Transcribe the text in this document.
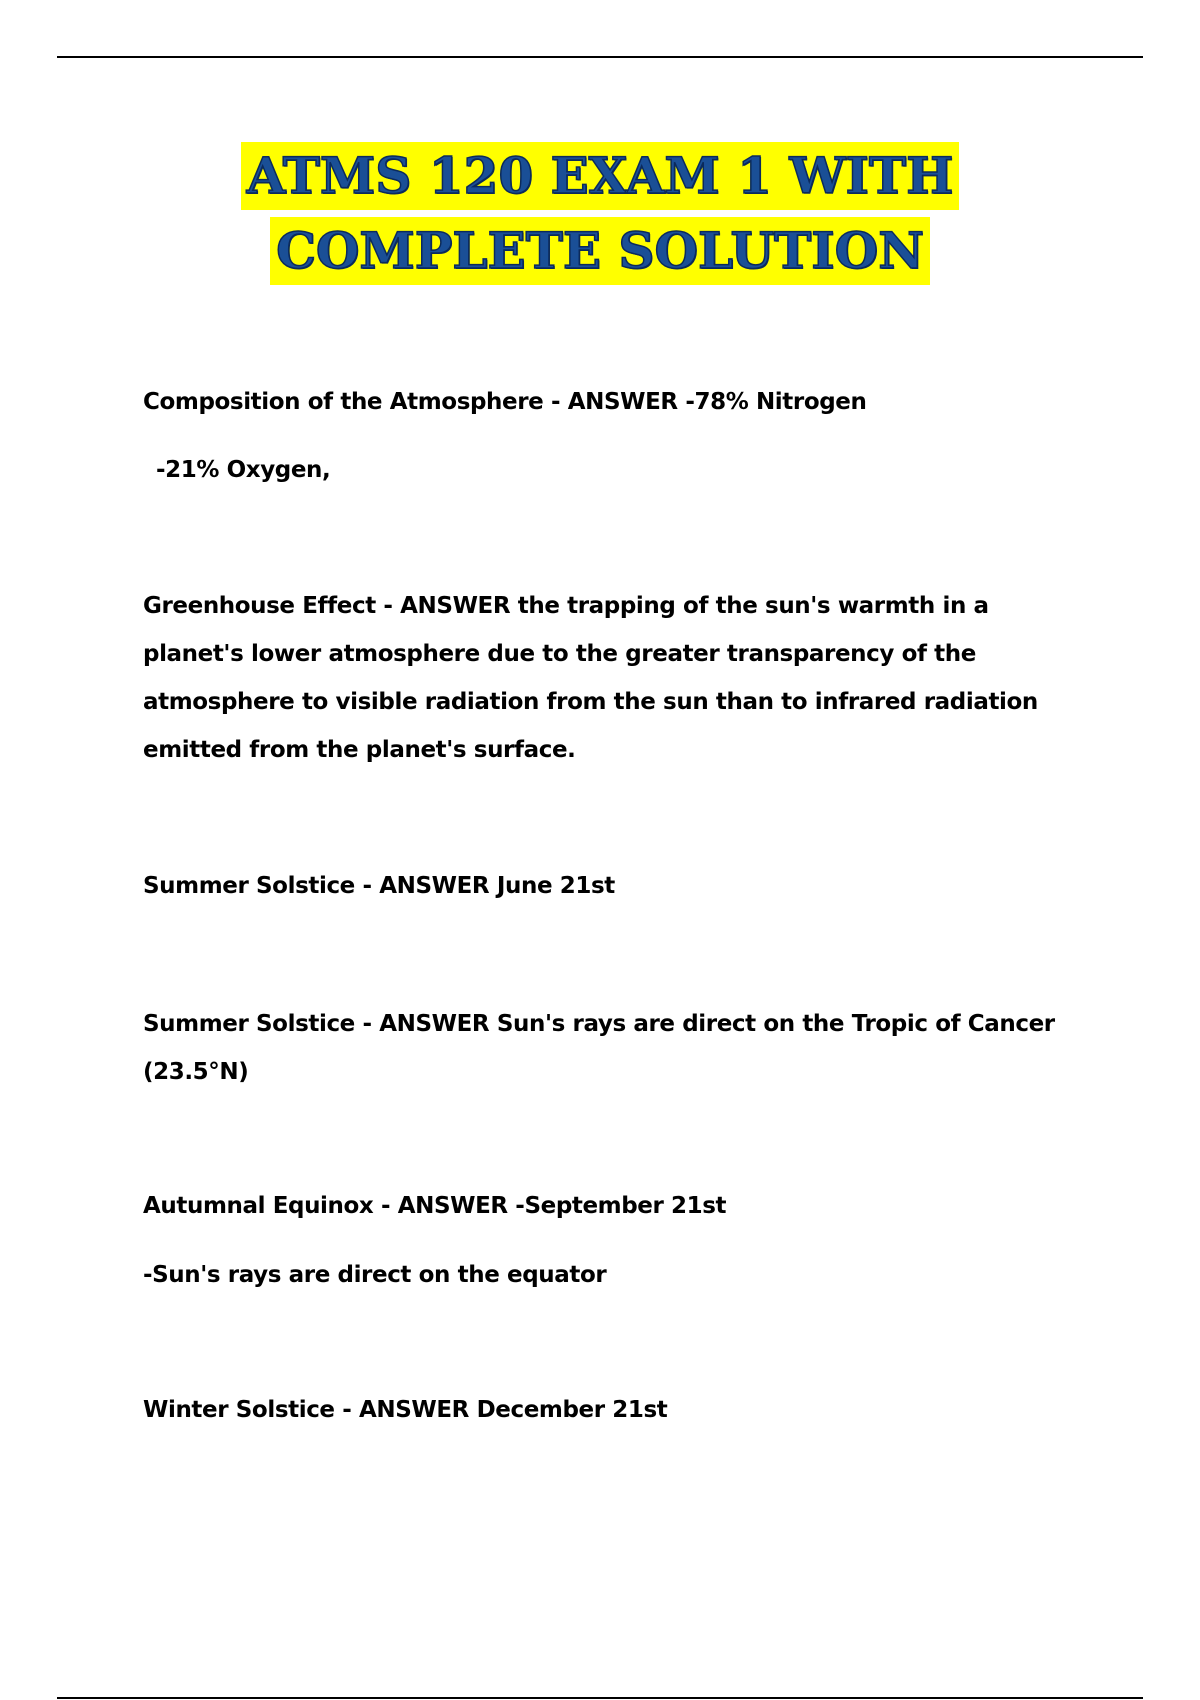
ATMS 120 EXAM 1 WITH
COMPLETE SOLUTION

Composition of the Atmosphere - ANSWER -78% Nitrogen

-21% Oxygen,

Greenhouse Effect - ANSWER the trapping of the sun's warmth in a planet's lower atmosphere due to the greater transparency of the atmosphere to visible radiation from the sun than to infrared radiation emitted from the planet's surface.

Summer Solstice - ANSWER June 21st

Summer Solstice - ANSWER Sun's rays are direct on the Tropic of Cancer (23.5°N)

Autumnal Equinox - ANSWER -September 21st

-Sun's rays are direct on the equator

Winter Solstice - ANSWER December 21st
